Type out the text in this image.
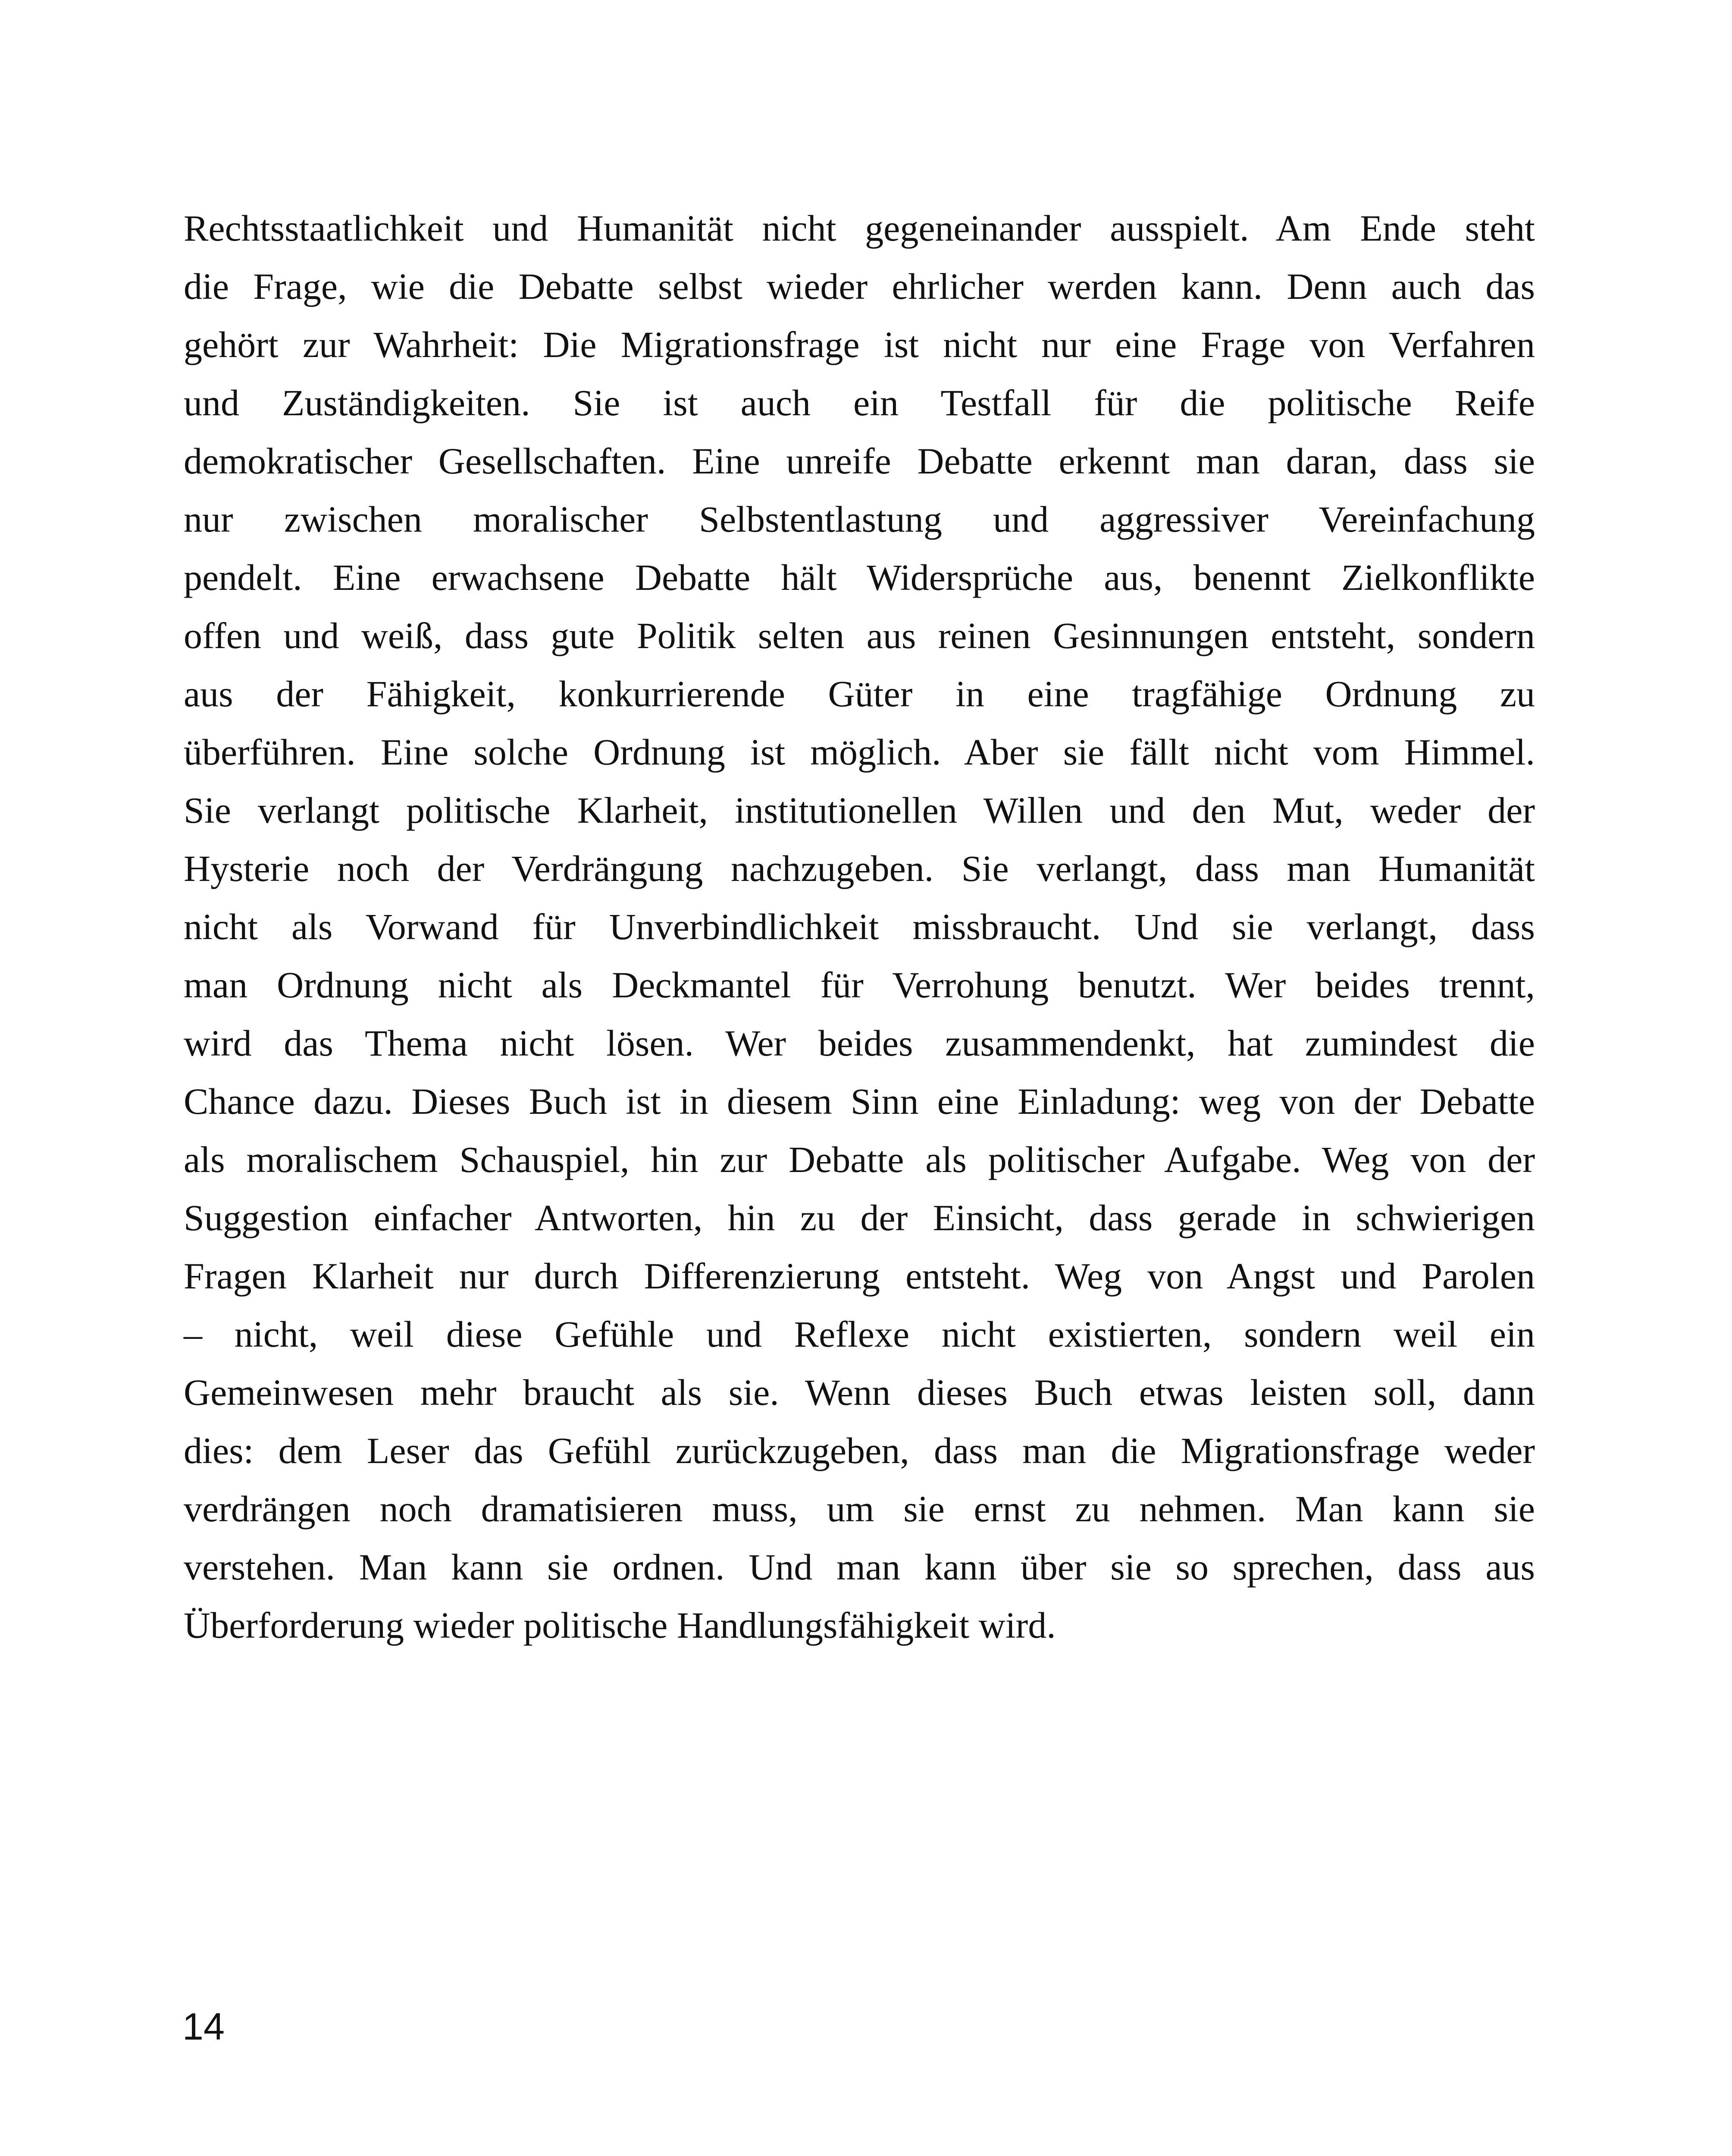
Rechtsstaatlichkeit und Humanität nicht gegeneinander ausspielt. Am Ende steht
die Frage, wie die Debatte selbst wieder ehrlicher werden kann. Denn auch das
gehört zur Wahrheit: Die Migrationsfrage ist nicht nur eine Frage von Verfahren
und Zuständigkeiten. Sie ist auch ein Testfall für die politische Reife
demokratischer Gesellschaften. Eine unreife Debatte erkennt man daran, dass sie
nur zwischen moralischer Selbstentlastung und aggressiver Vereinfachung
pendelt. Eine erwachsene Debatte hält Widersprüche aus, benennt Zielkonflikte
offen und weiß, dass gute Politik selten aus reinen Gesinnungen entsteht, sondern
aus der Fähigkeit, konkurrierende Güter in eine tragfähige Ordnung zu
überführen. Eine solche Ordnung ist möglich. Aber sie fällt nicht vom Himmel.
Sie verlangt politische Klarheit, institutionellen Willen und den Mut, weder der
Hysterie noch der Verdrängung nachzugeben. Sie verlangt, dass man Humanität
nicht als Vorwand für Unverbindlichkeit missbraucht. Und sie verlangt, dass
man Ordnung nicht als Deckmantel für Verrohung benutzt. Wer beides trennt,
wird das Thema nicht lösen. Wer beides zusammendenkt, hat zumindest die
Chance dazu. Dieses Buch ist in diesem Sinn eine Einladung: weg von der Debatte
als moralischem Schauspiel, hin zur Debatte als politischer Aufgabe. Weg von der
Suggestion einfacher Antworten, hin zu der Einsicht, dass gerade in schwierigen
Fragen Klarheit nur durch Differenzierung entsteht. Weg von Angst und Parolen
– nicht, weil diese Gefühle und Reflexe nicht existierten, sondern weil ein
Gemeinwesen mehr braucht als sie. Wenn dieses Buch etwas leisten soll, dann
dies: dem Leser das Gefühl zurückzugeben, dass man die Migrationsfrage weder
verdrängen noch dramatisieren muss, um sie ernst zu nehmen. Man kann sie
verstehen. Man kann sie ordnen. Und man kann über sie so sprechen, dass aus
Überforderung wieder politische Handlungsfähigkeit wird.
14
